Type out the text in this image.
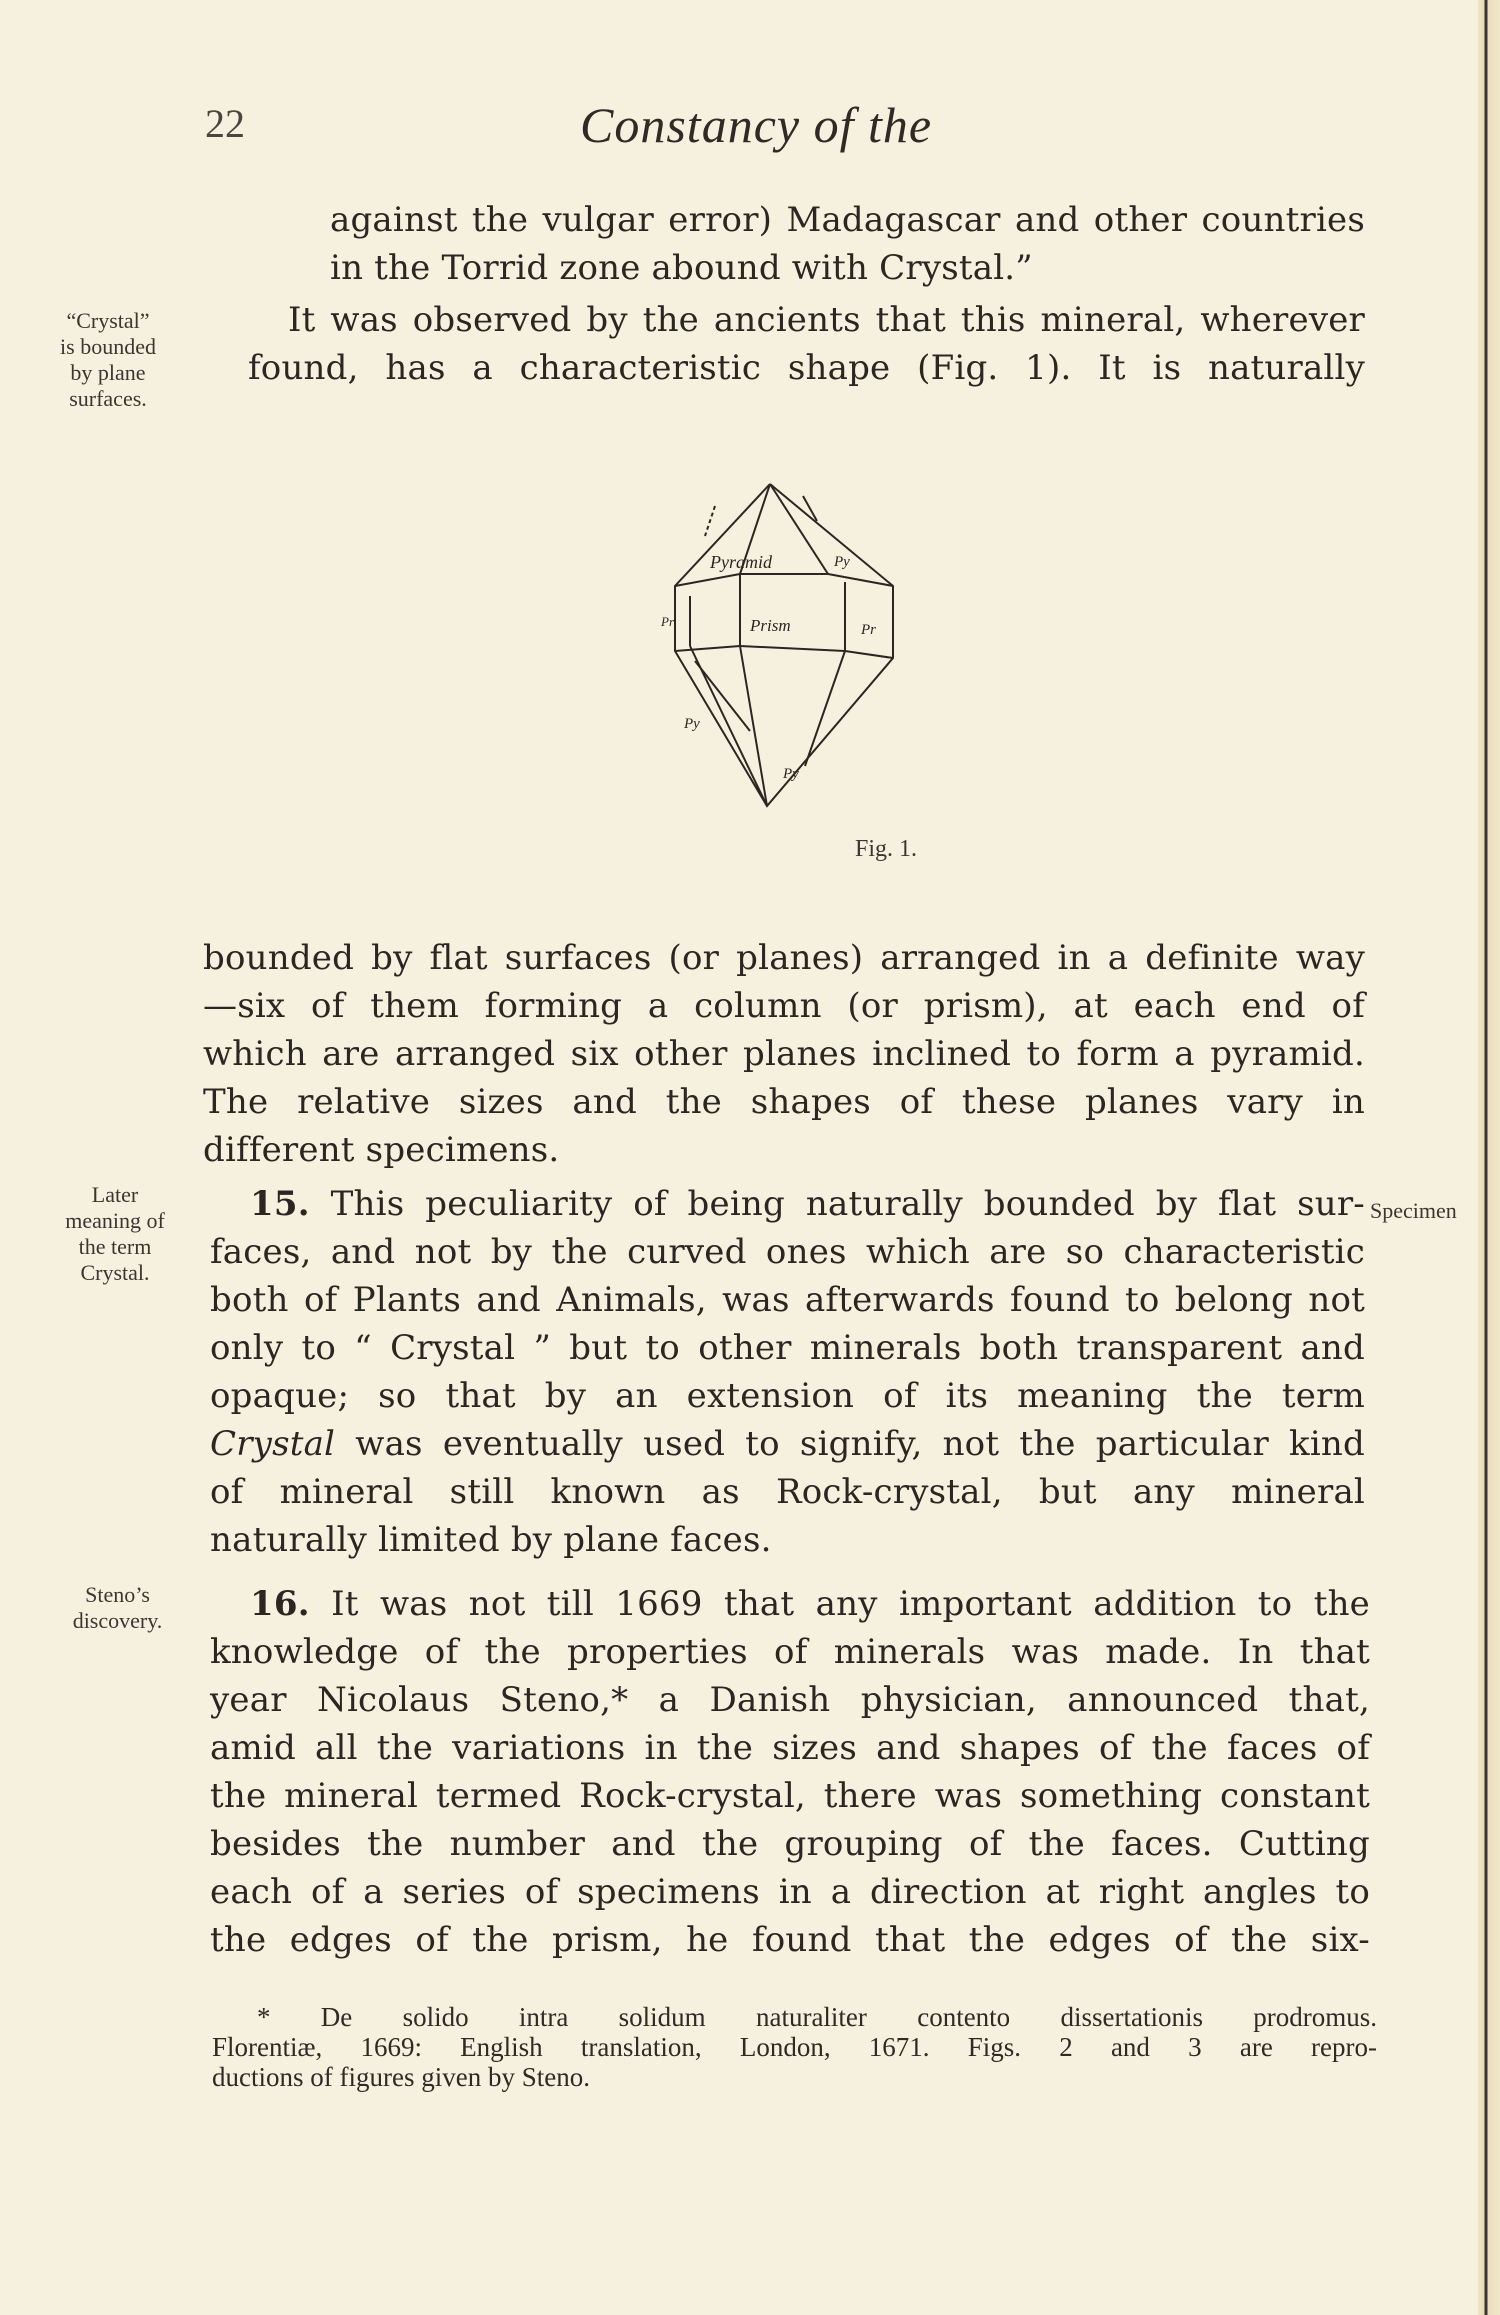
22	Constancy of the
against the vulgar error) Madagascar and other countries
in the Torrid zone abound with Crystal.”
It was observed by the ancients that this mineral, wherever
found, has a characteristic shape (Fig. 1). It is naturally
“Crystal”
is bounded
by plane
surfaces.
Pyramid
Prism
Py
Py
Py
Pr
Pr
Fig. 1.
bounded by flat surfaces (or planes) arranged in a definite way
—six of them forming a column (or prism), at each end of
which are arranged six other planes inclined to form a pyramid.
The relative sizes and the shapes of these planes vary in
different specimens.
Later
meaning of
the term
Crystal.
Specimen
15. This peculiarity of being naturally bounded by flat sur-
faces, and not by the curved ones which are so characteristic
both of Plants and Animals, was afterwards found to belong not
only to “ Crystal ” but to other minerals both transparent and
opaque; so that by an extension of its meaning the term
Crystal was eventually used to signify, not the particular kind
of mineral still known as Rock-crystal, but any mineral
naturally limited by plane faces.
Steno’s
discovery.	16. It was not till 1669 that any important addition to the
knowledge of the properties of minerals was made. In that
year Nicolaus Steno,* a Danish physician, announced that,
amid all the variations in the sizes and shapes of the faces of
the mineral termed Rock-crystal, there was something constant
besides the number and the grouping of the faces. Cutting
each of a series of specimens in a direction at right angles to
the edges of the prism, he found that the edges of the six-
* De solido intra solidum naturaliter contento dissertationis prodromus.
Florentiæ, 1669: English translation, London, 1671. Figs. 2 and 3 are repro-
ductions of figures given by Steno.
